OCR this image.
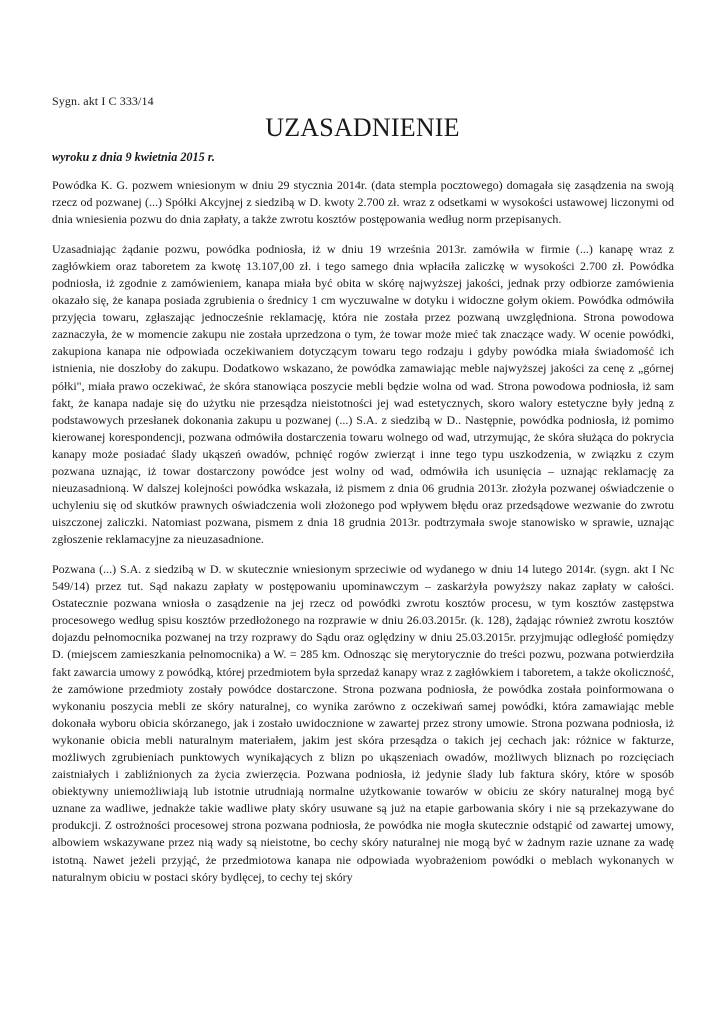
Sygn. akt I C 333/14
UZASADNIENIE
wyroku z dnia 9 kwietnia 2015 r.

Powódka K. G. pozwem wniesionym w dniu 29 stycznia 2014r. (data stempla pocztowego) domagała się zasądzenia na swoją rzecz od pozwanej (...) Spółki Akcyjnej z siedzibą w D. kwoty 2.700 zł. wraz z odsetkami w wysokości ustawowej liczonymi od dnia wniesienia pozwu do dnia zapłaty, a także zwrotu kosztów postępowania według norm przepisanych.

Uzasadniając żądanie pozwu, powódka podniosła, iż w dniu 19 września 2013r. zamówiła w firmie (...) kanapę wraz z zagłówkiem oraz taboretem za kwotę 13.107,00 zł. i tego samego dnia wpłaciła zaliczkę w wysokości 2.700 zł. Powódka podniosła, iż zgodnie z zamówieniem, kanapa miała być obita w skórę najwyższej jakości, jednak przy odbiorze zamówienia okazało się, że kanapa posiada zgrubienia o średnicy 1 cm wyczuwalne w dotyku i widoczne gołym okiem. Powódka odmówiła przyjęcia towaru, zgłaszając jednocześnie reklamację, która nie została przez pozwaną uwzględniona. Strona powodowa zaznaczyła, że w momencie zakupu nie została uprzedzona o tym, że towar może mieć tak znaczące wady. W ocenie powódki, zakupiona kanapa nie odpowiada oczekiwaniem dotyczącym towaru tego rodzaju i gdyby powódka miała świadomość ich istnienia, nie doszłoby do zakupu. Dodatkowo wskazano, że powódka zamawiając meble najwyższej jakości za cenę z „górnej półki", miała prawo oczekiwać, że skóra stanowiąca poszycie mebli będzie wolna od wad. Strona powodowa podniosła, iż sam fakt, że kanapa nadaje się do użytku nie przesądza nieistotności jej wad estetycznych, skoro walory estetyczne były jedną z podstawowych przesłanek dokonania zakupu u pozwanej (...) S.A. z siedzibą w D.. Następnie, powódka podniosła, iż pomimo kierowanej korespondencji, pozwana odmówiła dostarczenia towaru wolnego od wad, utrzymując, że skóra służąca do pokrycia kanapy może posiadać ślady ukąszeń owadów, pchnięć rogów zwierząt i inne tego typu uszkodzenia, w związku z czym pozwana uznając, iż towar dostarczony powódce jest wolny od wad, odmówiła ich usunięcia – uznając reklamację za nieuzasadnioną. W dalszej kolejności powódka wskazała, iż pismem z dnia 06 grudnia 2013r. złożyła pozwanej oświadczenie o uchyleniu się od skutków prawnych oświadczenia woli złożonego pod wpływem błędu oraz przedsądowe wezwanie do zwrotu uiszczonej zaliczki. Natomiast pozwana, pismem z dnia 18 grudnia 2013r. podtrzymała swoje stanowisko w sprawie, uznając zgłoszenie reklamacyjne za nieuzasadnione.

Pozwana (...) S.A. z siedzibą w D. w skutecznie wniesionym sprzeciwie od wydanego w dniu 14 lutego 2014r. (sygn. akt I Nc 549/14) przez tut. Sąd nakazu zapłaty w postępowaniu upominawczym – zaskarżyła powyższy nakaz zapłaty w całości. Ostatecznie pozwana wniosła o zasądzenie na jej rzecz od powódki zwrotu kosztów procesu, w tym kosztów zastępstwa procesowego według spisu kosztów przedłożonego na rozprawie w dniu 26.03.2015r. (k. 128), żądając również zwrotu kosztów dojazdu pełnomocnika pozwanej na trzy rozprawy do Sądu oraz oględziny w dniu 25.03.2015r. przyjmując odległość pomiędzy D. (miejscem zamieszkania pełnomocnika) a W. = 285 km. Odnosząc się merytorycznie do treści pozwu, pozwana potwierdziła fakt zawarcia umowy z powódką, której przedmiotem była sprzedaż kanapy wraz z zagłówkiem i taboretem, a także okoliczność, że zamówione przedmioty zostały powódce dostarczone. Strona pozwana podniosła, że powódka została poinformowana o wykonaniu poszycia mebli ze skóry naturalnej, co wynika zarówno z oczekiwań samej powódki, która zamawiając meble dokonała wyboru obicia skórzanego, jak i zostało uwidocznione w zawartej przez strony umowie. Strona pozwana podniosła, iż wykonanie obicia mebli naturalnym materiałem, jakim jest skóra przesądza o takich jej cechach jak: różnice w fakturze, możliwych zgrubieniach punktowych wynikających z blizn po ukąszeniach owadów, możliwych bliznach po rozcięciach zaistniałych i zabliźnionych za życia zwierzęcia. Pozwana podniosła, iż jedynie ślady lub faktura skóry, które w sposób obiektywny uniemożliwiają lub istotnie utrudniają normalne użytkowanie towarów w obiciu ze skóry naturalnej mogą być uznane za wadliwe, jednakże takie wadliwe płaty skóry usuwane są już na etapie garbowania skóry i nie są przekazywane do produkcji. Z ostrożności procesowej strona pozwana podniosła, że powódka nie mogła skutecznie odstąpić od zawartej umowy, albowiem wskazywane przez nią wady są nieistotne, bo cechy skóry naturalnej nie mogą być w żadnym razie uznane za wadę istotną. Nawet jeżeli przyjąć, że przedmiotowa kanapa nie odpowiada wyobrażeniom powódki o meblach wykonanych w naturalnym obiciu w postaci skóry bydlęcej, to cechy tej skóry
